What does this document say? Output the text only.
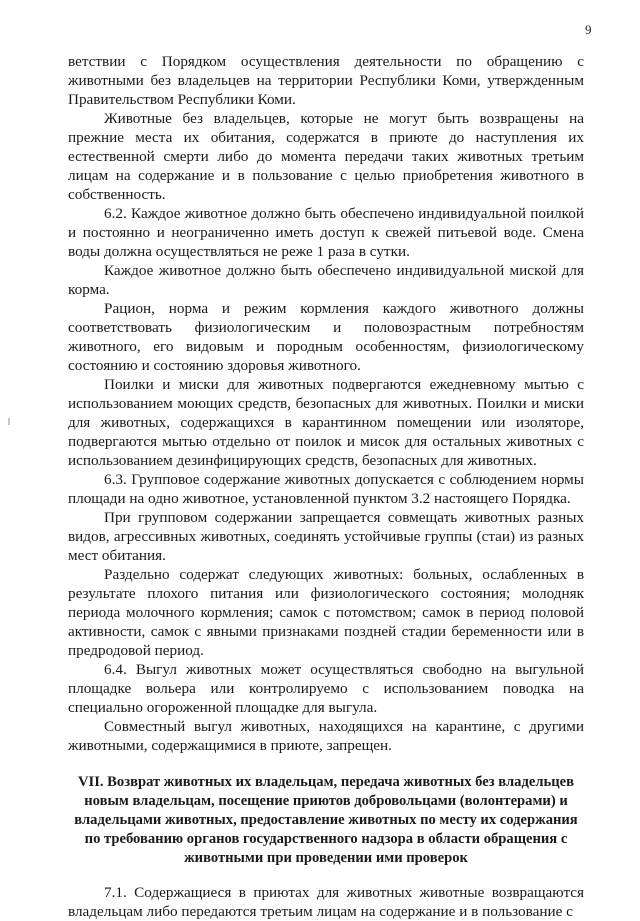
9

ветствии с Порядком осуществления деятельности по обращению с животными без владельцев на территории Республики Коми, утвержденным Правительством Республики Коми.

Животные без владельцев, которые не могут быть возвращены на прежние места их обитания, содержатся в приюте до наступления их естественной смерти либо до момента передачи таких животных третьим лицам на содержание и в пользование с целью приобретения животного в собственность.

6.2. Каждое животное должно быть обеспечено индивидуальной поилкой и постоянно и неограниченно иметь доступ к свежей питьевой воде. Смена воды должна осуществляться не реже 1 раза в сутки.

Каждое животное должно быть обеспечено индивидуальной миской для корма.

Рацион, норма и режим кормления каждого животного должны соответствовать физиологическим и половозрастным потребностям животного, его видовым и породным особенностям, физиологическому состоянию и состоянию здоровья животного.

Поилки и миски для животных подвергаются ежедневному мытью с использованием моющих средств, безопасных для животных. Поилки и миски для животных, содержащихся в карантинном помещении или изоляторе, подвергаются мытью отдельно от поилок и мисок для остальных животных с использованием дезинфицирующих средств, безопасных для животных.

6.3. Групповое содержание животных допускается с соблюдением нормы площади на одно животное, установленной пунктом 3.2 настоящего Порядка.

При групповом содержании запрещается совмещать животных разных видов, агрессивных животных, соединять устойчивые группы (стаи) из разных мест обитания.

Раздельно содержат следующих животных: больных, ослабленных в результате плохого питания или физиологического состояния; молодняк периода молочного кормления; самок с потомством; самок в период половой активности, самок с явными признаками поздней стадии беременности или в предродовой период.

6.4. Выгул животных может осуществляться свободно на выгульной площадке вольера или контролируемо с использованием поводка на специально огороженной площадке для выгула.

Совместный выгул животных, находящихся на карантине, с другими животными, содержащимися в приюте, запрещен.

VII. Возврат животных их владельцам, передача животных без владельцев новым владельцам, посещение приютов добровольцами (волонтерами) и владельцами животных, предоставление животных по месту их содержания по требованию органов государственного надзора в области обращения с животными при проведении ими проверок

7.1. Содержащиеся в приютах для животных животные возвращаются владельцам либо передаются третьим лицам на содержание и в пользование с
